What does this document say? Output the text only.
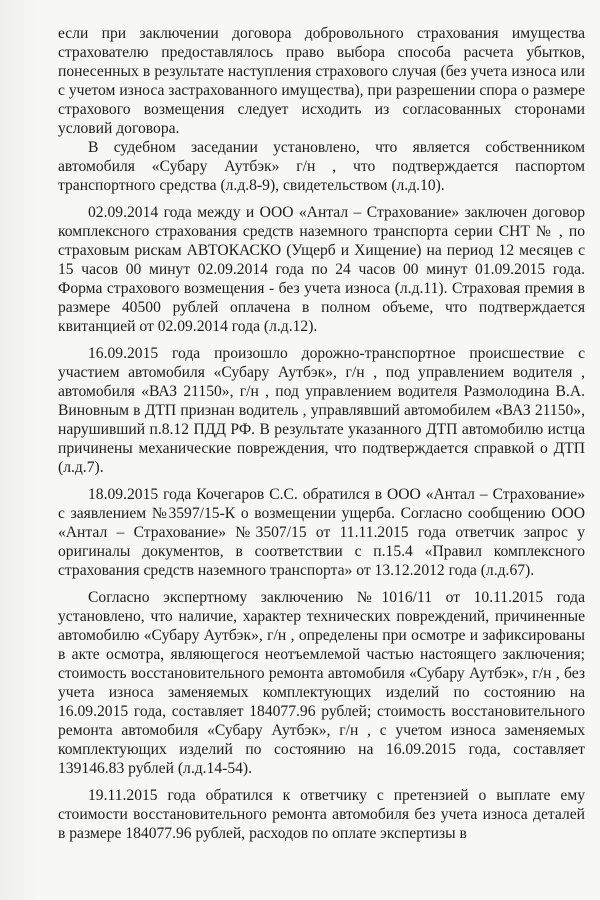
если при заключении договора добровольного страхования имущества страхователю предоставлялось право выбора способа расчета убытков, понесенных в результате наступления страхового случая (без учета износа или с учетом износа застрахованного имущества), при разрешении спора о размере страхового возмещения следует исходить из согласованных сторонами условий договора.

В судебном заседании установлено, что является собственником автомобиля «Субару Аутбэк» г/н , что подтверждается паспортом транспортного средства (л.д.8-9), свидетельством (л.д.10).

02.09.2014 года между и ООО «Антал – Страхование» заключен договор комплексного страхования средств наземного транспорта серии СНТ № , по страховым рискам АВТОКАСКО (Ущерб и Хищение) на период 12 месяцев с 15 часов 00 минут 02.09.2014 года по 24 часов 00 минут 01.09.2015 года. Форма страхового возмещения - без учета износа (л.д.11). Страховая премия в размере 40500 рублей оплачена в полном объеме, что подтверждается квитанцией от 02.09.2014 года (л.д.12).

16.09.2015 года произошло дорожно-транспортное происшествие с участием автомобиля «Субару Аутбэк», г/н , под управлением водителя , автомобиля «ВАЗ 21150», г/н , под управлением водителя Размолодина В.А. Виновным в ДТП признан водитель , управлявший автомобилем «ВАЗ 21150», нарушивший п.8.12 ПДД РФ. В результате указанного ДТП автомобилю истца причинены механические повреждения, что подтверждается справкой о ДТП (л.д.7).

18.09.2015 года Кочегаров С.С. обратился в ООО «Антал – Страхование» с заявлением №3597/15-К о возмещении ущерба. Согласно сообщению ООО «Антал – Страхование» №3507/15 от 11.11.2015 года ответчик запрос у оригиналы документов, в соответствии с п.15.4 «Правил комплексного страхования средств наземного транспорта» от 13.12.2012 года (л.д.67).

Согласно экспертному заключению №1016/11 от 10.11.2015 года установлено, что наличие, характер технических повреждений, причиненные автомобилю «Субару Аутбэк», г/н , определены при осмотре и зафиксированы в акте осмотра, являющегося неотъемлемой частью настоящего заключения; стоимость восстановительного ремонта автомобиля «Субару Аутбэк», г/н , без учета износа заменяемых комплектующих изделий по состоянию на 16.09.2015 года, составляет 184077.96 рублей; стоимость восстановительного ремонта автомобиля «Субару Аутбэк», г/н , с учетом износа заменяемых комплектующих изделий по состоянию на 16.09.2015 года, составляет 139146.83 рублей (л.д.14-54).

19.11.2015 года обратился к ответчику с претензией о выплате ему стоимости восстановительного ремонта автомобиля без учета износа деталей в размере 184077.96 рублей, расходов по оплате экспертизы в
